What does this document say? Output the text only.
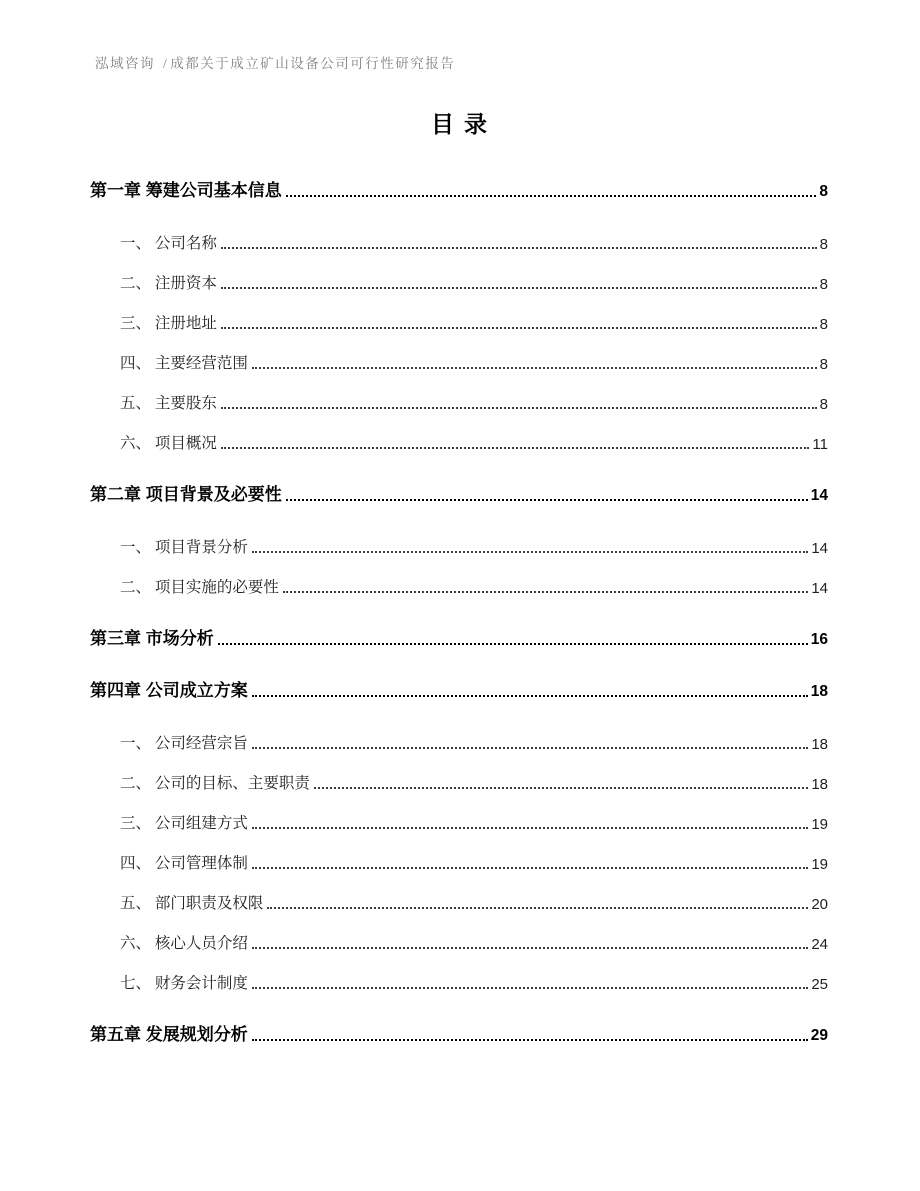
泓域咨询 / 成都关于成立矿山设备公司可行性研究报告
目录
第一章 筹建公司基本信息	8
一、 公司名称	8
二、 注册资本	8
三、 注册地址	8
四、 主要经营范围	8
五、 主要股东	8
六、 项目概况	11
第二章 项目背景及必要性	14
一、 项目背景分析	14
二、 项目实施的必要性	14
第三章 市场分析	16
第四章 公司成立方案	18
一、 公司经营宗旨	18
二、 公司的目标、主要职责	18
三、 公司组建方式	19
四、 公司管理体制	19
五、 部门职责及权限	20
六、 核心人员介绍	24
七、 财务会计制度	25
第五章 发展规划分析	29
